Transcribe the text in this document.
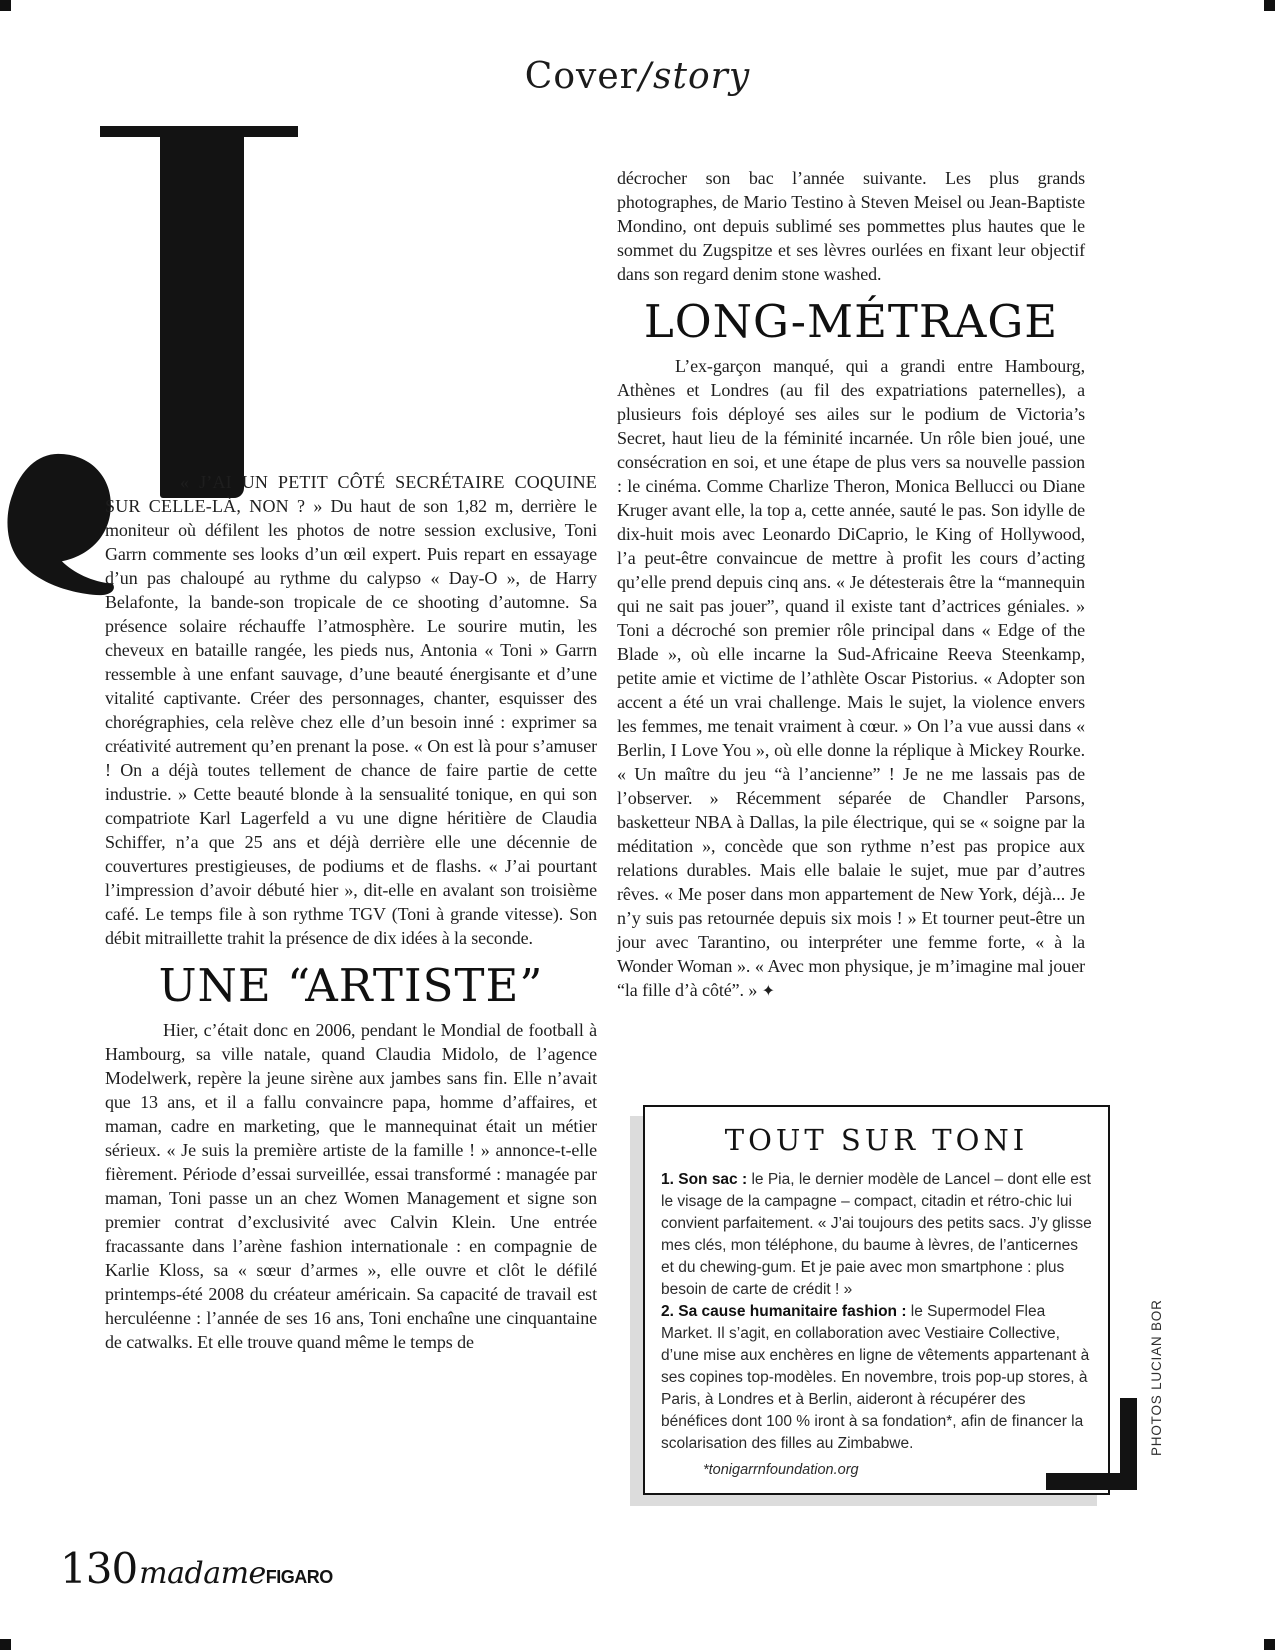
Cover/story

« J’AI UN PETIT CÔTÉ SECRÉTAIRE COQUINE SUR CELLE-LÀ, NON ? » Du haut de son 1,82 m, derrière le moniteur où défilent les photos de notre session exclusive, Toni Garrn commente ses looks d’un œil expert. Puis repart en essayage d’un pas chaloupé au rythme du calypso « Day-O », de Harry Belafonte, la bande-son tropicale de ce shooting d’automne. Sa présence solaire réchauffe l’atmosphère. Le sourire mutin, les cheveux en bataille rangée, les pieds nus, Antonia « Toni » Garrn ressemble à une enfant sauvage, d’une beauté énergisante et d’une vitalité captivante. Créer des personnages, chanter, esquisser des chorégraphies, cela relève chez elle d’un besoin inné : exprimer sa créativité autrement qu’en prenant la pose. « On est là pour s’amuser ! On a déjà toutes tellement de chance de faire partie de cette industrie. » Cette beauté blonde à la sensualité tonique, en qui son compatriote Karl Lagerfeld a vu une digne héritière de Claudia Schiffer, n’a que 25 ans et déjà derrière elle une décennie de couvertures prestigieuses, de podiums et de flashs. « J’ai pourtant l’impression d’avoir débuté hier », dit-elle en avalant son troisième café. Le temps file à son rythme TGV (Toni à grande vitesse). Son débit mitraillette trahit la présence de dix idées à la seconde.

UNE “ARTISTE”

Hier, c’était donc en 2006, pendant le Mondial de football à Hambourg, sa ville natale, quand Claudia Midolo, de l’agence Modelwerk, repère la jeune sirène aux jambes sans fin. Elle n’avait que 13 ans, et il a fallu convaincre papa, homme d’affaires, et maman, cadre en marketing, que le mannequinat était un métier sérieux. « Je suis la première artiste de la famille ! » annonce-t-elle fièrement. Période d’essai surveillée, essai transformé : managée par maman, Toni passe un an chez Women Management et signe son premier contrat d’exclusivité avec Calvin Klein. Une entrée fracassante dans l’arène fashion internationale : en compagnie de Karlie Kloss, sa « sœur d’armes », elle ouvre et clôt le défilé printemps-été 2008 du créateur américain. Sa capacité de travail est herculéenne : l’année de ses 16 ans, Toni enchaîne une cinquantaine de catwalks. Et elle trouve quand même le temps de

décrocher son bac l’année suivante. Les plus grands photographes, de Mario Testino à Steven Meisel ou Jean-Baptiste Mondino, ont depuis sublimé ses pommettes plus hautes que le sommet du Zugspitze et ses lèvres ourlées en fixant leur objectif dans son regard denim stone washed.

LONG-MÉTRAGE

L’ex-garçon manqué, qui a grandi entre Hambourg, Athènes et Londres (au fil des expatriations paternelles), a plusieurs fois déployé ses ailes sur le podium de Victoria’s Secret, haut lieu de la féminité incarnée. Un rôle bien joué, une consécration en soi, et une étape de plus vers sa nouvelle passion : le cinéma. Comme Charlize Theron, Monica Bellucci ou Diane Kruger avant elle, la top a, cette année, sauté le pas. Son idylle de dix-huit mois avec Leonardo DiCaprio, le King of Hollywood, l’a peut-être convaincue de mettre à profit les cours d’acting qu’elle prend depuis cinq ans. « Je détesterais être la “mannequin qui ne sait pas jouer”, quand il existe tant d’actrices géniales. » Toni a décroché son premier rôle principal dans « Edge of the Blade », où elle incarne la Sud-Africaine Reeva Steenkamp, petite amie et victime de l’athlète Oscar Pistorius. « Adopter son accent a été un vrai challenge. Mais le sujet, la violence envers les femmes, me tenait vraiment à cœur. » On l’a vue aussi dans « Berlin, I Love You », où elle donne la réplique à Mickey Rourke. « Un maître du jeu “à l’ancienne” ! Je ne me lassais pas de l’observer. » Récemment séparée de Chandler Parsons, basketteur NBA à Dallas, la pile électrique, qui se « soigne par la méditation », concède que son rythme n’est pas propice aux relations durables. Mais elle balaie le sujet, mue par d’autres rêves. « Me poser dans mon appartement de New York, déjà... Je n’y suis pas retournée depuis six mois ! » Et tourner peut-être un jour avec Tarantino, ou interpréter une femme forte, « à la Wonder Woman ». « Avec mon physique, je m’imagine mal jouer “la fille d’à côté”. » ✦

TOUT SUR TONI

1. Son sac : le Pia, le dernier modèle de Lancel – dont elle est le visage de la campagne – compact, citadin et rétro-chic lui convient parfaitement. « J’ai toujours des petits sacs. J’y glisse mes clés, mon téléphone, du baume à lèvres, de l’anticernes et du chewing-gum. Et je paie avec mon smartphone : plus besoin de carte de crédit ! »

2. Sa cause humanitaire fashion : le Supermodel Flea Market. Il s’agit, en collaboration avec Vestiaire Collective, d’une mise aux enchères en ligne de vêtements appartenant à ses copines top-modèles. En novembre, trois pop-up stores, à Paris, à Londres et à Berlin, aideront à récupérer des bénéfices dont 100 % iront à sa fondation*, afin de financer la scolarisation des filles au Zimbabwe.

*tonigarrnfoundation.org

PHOTOS LUCIAN BOR
130 madame FIGARO
